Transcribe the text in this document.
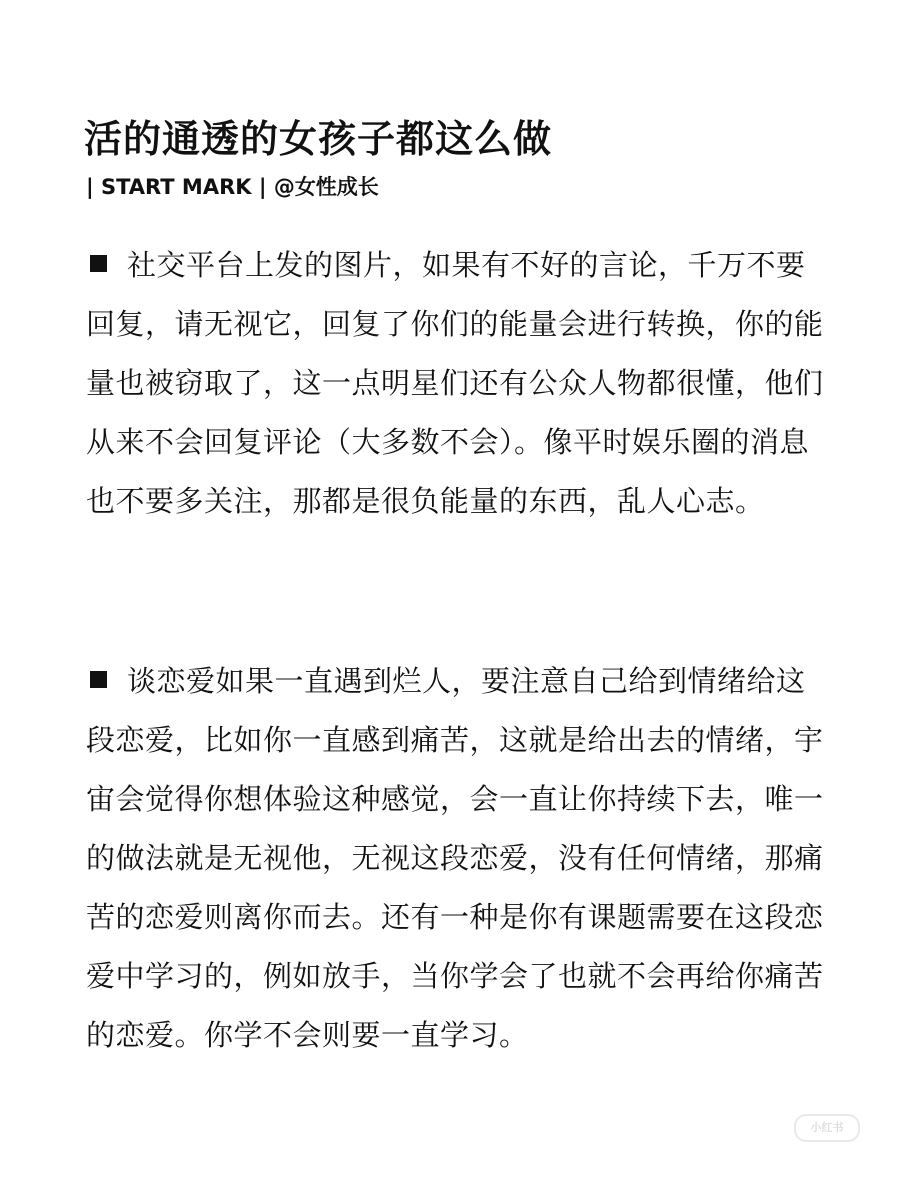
活的通透的女孩子都这么做
| START MARK | @女性成长
社交平台上发的图片，如果有不好的言论，千万不要回复，请无视它，回复了你们的能量会进行转换，你的能量也被窃取了，这一点明星们还有公众人物都很懂，他们从来不会回复评论（大多数不会）。像平时娱乐圈的消息也不要多关注，那都是很负能量的东西，乱人心志。
谈恋爱如果一直遇到烂人，要注意自己给到情绪给这段恋爱，比如你一直感到痛苦，这就是给出去的情绪，宇宙会觉得你想体验这种感觉，会一直让你持续下去，唯一的做法就是无视他，无视这段恋爱，没有任何情绪，那痛苦的恋爱则离你而去。还有一种是你有课题需要在这段恋爱中学习的，例如放手，当你学会了也就不会再给你痛苦的恋爱。你学不会则要一直学习。
小红书
